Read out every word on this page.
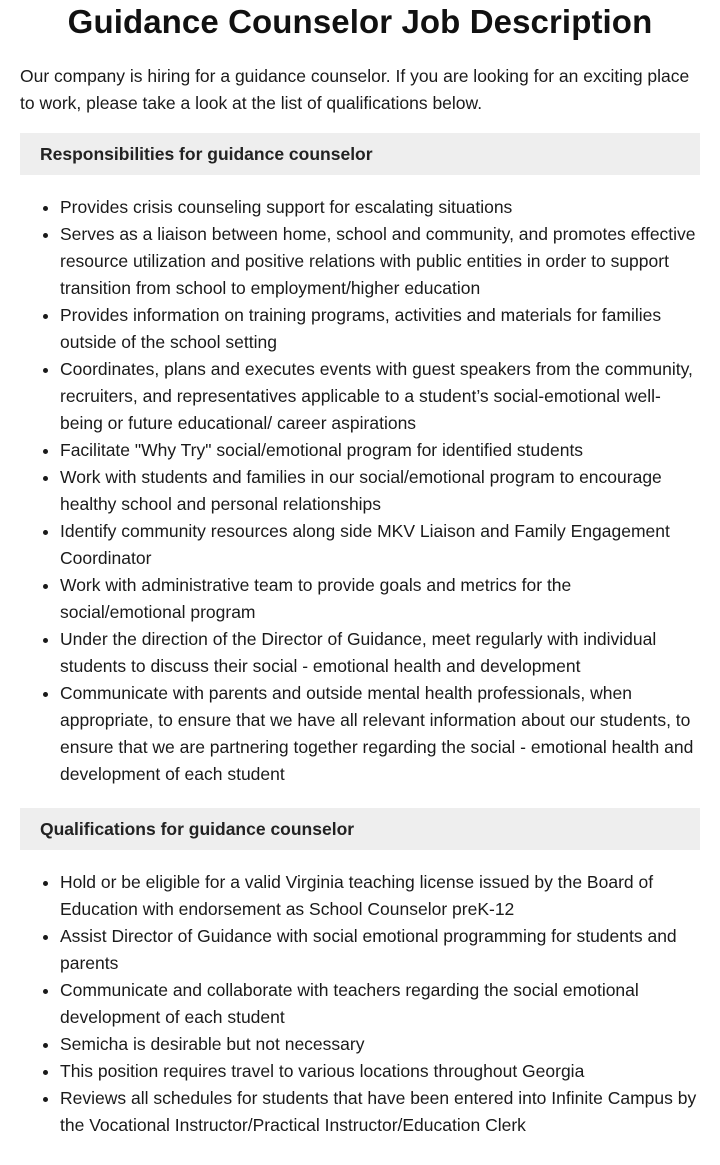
Guidance Counselor Job Description

Our company is hiring for a guidance counselor. If you are looking for an exciting place to work, please take a look at the list of qualifications below.

Responsibilities for guidance counselor
• Provides crisis counseling support for escalating situations
• Serves as a liaison between home, school and community, and promotes effective resource utilization and positive relations with public entities in order to support transition from school to employment/higher education
• Provides information on training programs, activities and materials for families outside of the school setting
• Coordinates, plans and executes events with guest speakers from the community, recruiters, and representatives applicable to a student’s social-emotional well-being or future educational/ career aspirations
• Facilitate "Why Try" social/emotional program for identified students
• Work with students and families in our social/emotional program to encourage healthy school and personal relationships
• Identify community resources along side MKV Liaison and Family Engagement Coordinator
• Work with administrative team to provide goals and metrics for the social/emotional program
• Under the direction of the Director of Guidance, meet regularly with individual students to discuss their social - emotional health and development
• Communicate with parents and outside mental health professionals, when appropriate, to ensure that we have all relevant information about our students, to ensure that we are partnering together regarding the social - emotional health and development of each student
Qualifications for guidance counselor
• Hold or be eligible for a valid Virginia teaching license issued by the Board of Education with endorsement as School Counselor preK-12
• Assist Director of Guidance with social emotional programming for students and parents
• Communicate and collaborate with teachers regarding the social emotional development of each student
• Semicha is desirable but not necessary
• This position requires travel to various locations throughout Georgia
• Reviews all schedules for students that have been entered into Infinite Campus by the Vocational Instructor/Practical Instructor/Education Clerk
